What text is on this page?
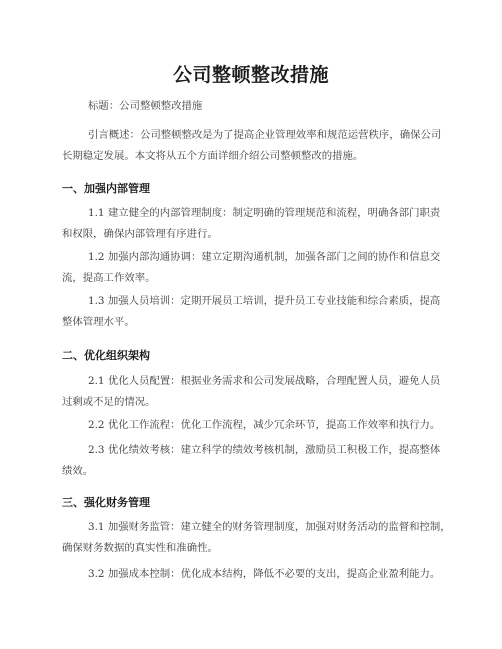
公司整顿整改措施
标题：公司整顿整改措施
引言概述：公司整顿整改是为了提高企业管理效率和规范运营秩序，确保公司
长期稳定发展。本文将从五个方面详细介绍公司整顿整改的措施。
一、加强内部管理
1.1 建立健全的内部管理制度：制定明确的管理规范和流程，明确各部门职责
和权限，确保内部管理有序进行。
1.2 加强内部沟通协调：建立定期沟通机制，加强各部门之间的协作和信息交
流，提高工作效率。
1.3 加强人员培训：定期开展员工培训，提升员工专业技能和综合素质，提高
整体管理水平。
二、优化组织架构
2.1 优化人员配置：根据业务需求和公司发展战略，合理配置人员，避免人员
过剩或不足的情况。
2.2 优化工作流程：优化工作流程，减少冗余环节，提高工作效率和执行力。
2.3 优化绩效考核：建立科学的绩效考核机制，激励员工积极工作，提高整体
绩效。
三、强化财务管理
3.1 加强财务监管：建立健全的财务管理制度，加强对财务活动的监督和控制，
确保财务数据的真实性和准确性。
3.2 加强成本控制：优化成本结构，降低不必要的支出，提高企业盈利能力。
